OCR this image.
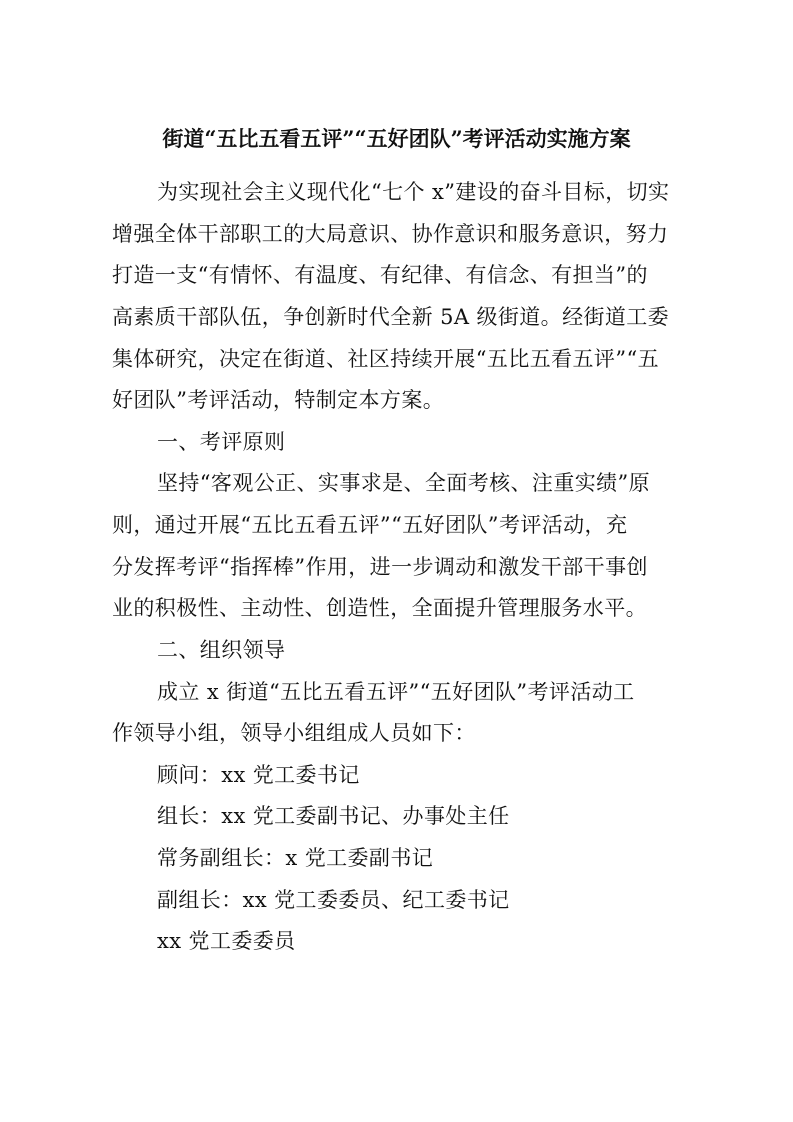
街道“五比五看五评”“五好团队”考评活动实施方案
为实现社会主义现代化“七个 x”建设的奋斗目标，切实
增强全体干部职工的大局意识、协作意识和服务意识，努力
打造一支“有情怀、有温度、有纪律、有信念、有担当”的
高素质干部队伍，争创新时代全新 5A 级街道。经街道工委
集体研究，决定在街道、社区持续开展“五比五看五评”“五
好团队”考评活动，特制定本方案。
一、考评原则
坚持“客观公正、实事求是、全面考核、注重实绩”原
则，通过开展“五比五看五评”“五好团队”考评活动，充
分发挥考评“指挥棒”作用，进一步调动和激发干部干事创
业的积极性、主动性、创造性，全面提升管理服务水平。
二、组织领导
成立 x 街道“五比五看五评”“五好团队”考评活动工
作领导小组，领导小组组成人员如下：
顾问：xx 党工委书记
组长：xx 党工委副书记、办事处主任
常务副组长：x 党工委副书记
副组长：xx 党工委委员、纪工委书记
xx 党工委委员
